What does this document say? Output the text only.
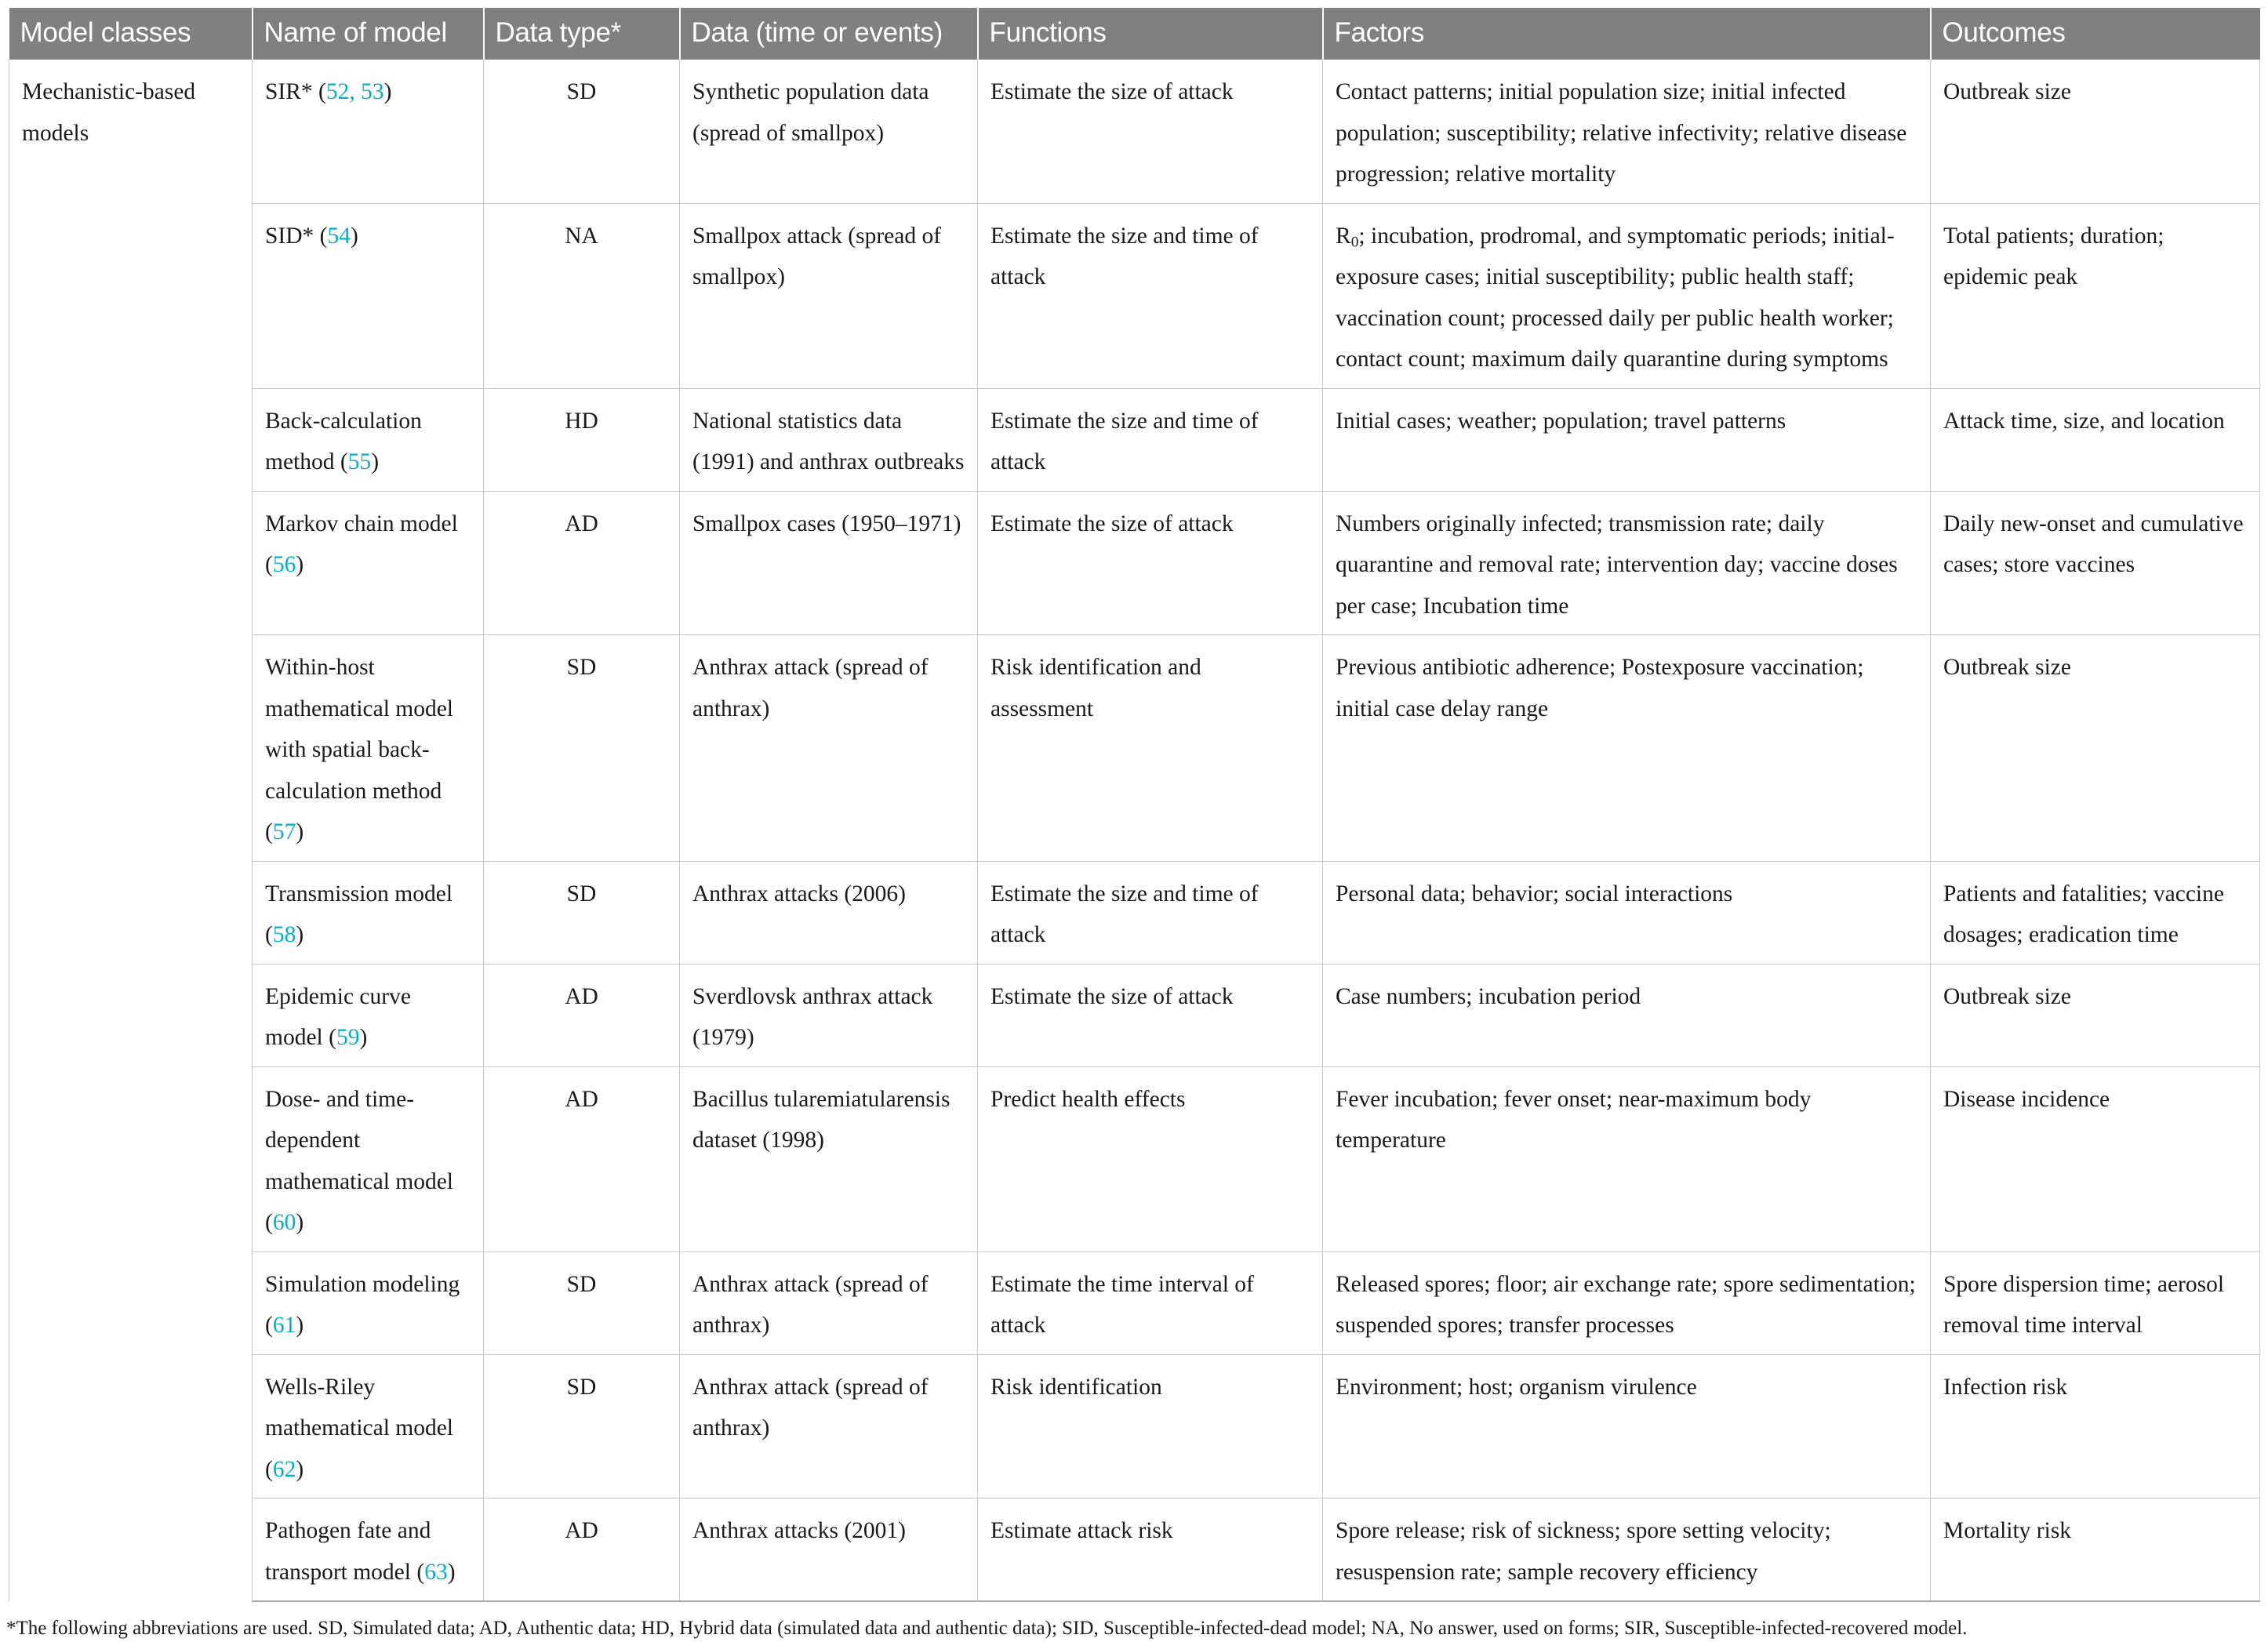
Model classes	Name of model	Data type*	Data (time or events)	Functions	Factors	Outcomes
Mechanistic-based models	SIR* (52, 53)	SD	Synthetic population data (spread of smallpox)	Estimate the size of attack	Contact patterns; initial population size; initial infected population; susceptibility; relative infectivity; relative disease progression; relative mortality	Outbreak size
	SID* (54)	NA	Smallpox attack (spread of smallpox)	Estimate the size and time of attack	$R_0$; incubation, prodromal, and symptomatic periods; initial-exposure cases; initial susceptibility; public health staff; vaccination count; processed daily per public health worker; contact count; maximum daily quarantine during symptoms	Total patients; duration; epidemic peak
	Back-calculation method (55)	HD	National statistics data (1991) and anthrax outbreaks	Estimate the size and time of attack	Initial cases; weather; population; travel patterns	Attack time, size, and location
	Markov chain model (56)	AD	Smallpox cases (1950–1971)	Estimate the size of attack	Numbers originally infected; transmission rate; daily quarantine and removal rate; intervention day; vaccine doses per case; Incubation time	Daily new-onset and cumulative cases; store vaccines
	Within-host mathematical model with spatial back-calculation method (57)	SD	Anthrax attack (spread of anthrax)	Risk identification and assessment	Previous antibiotic adherence; Postexposure vaccination; initial case delay range	Outbreak size
	Transmission model (58)	SD	Anthrax attacks (2006)	Estimate the size and time of attack	Personal data; behavior; social interactions	Patients and fatalities; vaccine dosages; eradication time
	Epidemic curve model (59)	AD	Sverdlovsk anthrax attack (1979)	Estimate the size of attack	Case numbers; incubation period	Outbreak size
	Dose- and time-dependent mathematical model (60)	AD	Bacillus tularemiatularensis dataset (1998)	Predict health effects	Fever incubation; fever onset; near-maximum body temperature	Disease incidence
	Simulation modeling (61)	SD	Anthrax attack (spread of anthrax)	Estimate the time interval of attack	Released spores; floor; air exchange rate; spore sedimentation; suspended spores; transfer processes	Spore dispersion time; aerosol removal time interval
	Wells-Riley mathematical model (62)	SD	Anthrax attack (spread of anthrax)	Risk identification	Environment; host; organism virulence	Infection risk
	Pathogen fate and transport model (63)	AD	Anthrax attacks (2001)	Estimate attack risk	Spore release; risk of sickness; spore setting velocity; resuspension rate; sample recovery efficiency	Mortality risk
*The following abbreviations are used. SD, Simulated data; AD, Authentic data; HD, Hybrid data (simulated data and authentic data); SID, Susceptible-infected-dead model; NA, No answer, used on forms; SIR, Susceptible-infected-recovered model.
